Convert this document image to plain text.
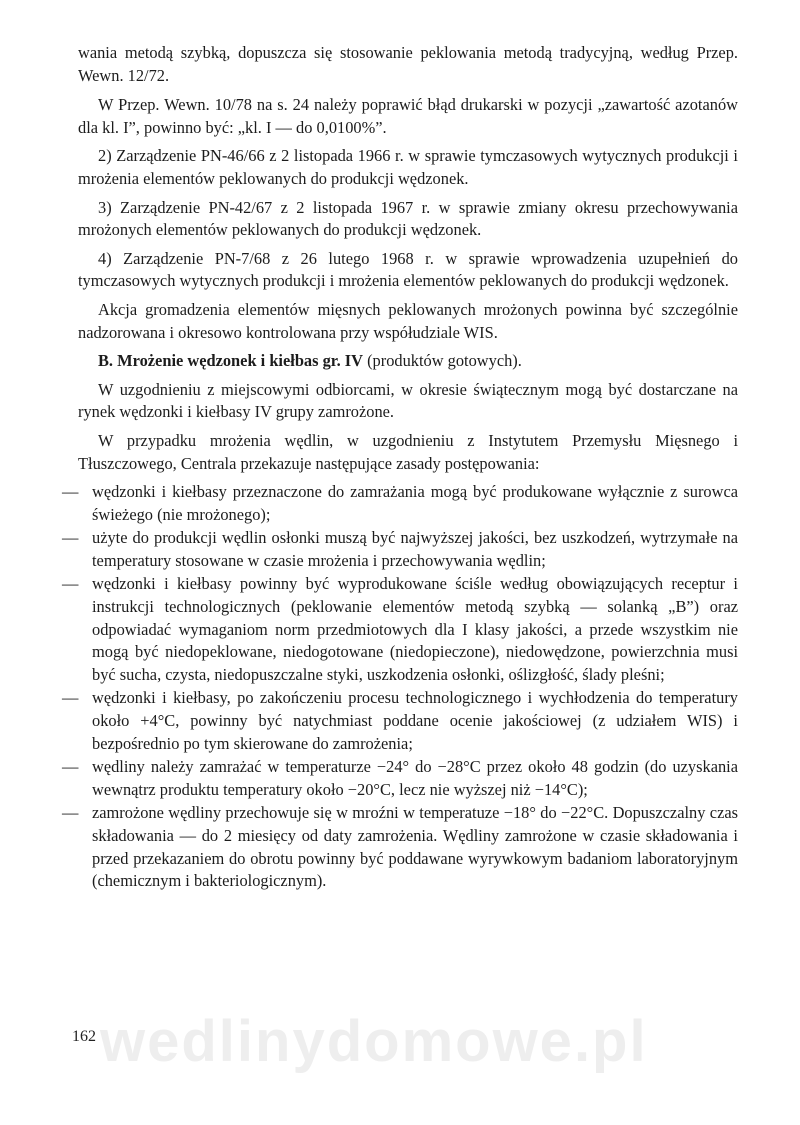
wania metodą szybką, dopuszcza się stosowanie peklowania metodą tradycyjną, według Przep. Wewn. 12/72.

W Przep. Wewn. 10/78 na s. 24 należy poprawić błąd drukarski w pozycji „zawartość azotanów dla kl. I”, powinno być: „kl. I — do 0,0100%”.

2) Zarządzenie PN-46/66 z 2 listopada 1966 r. w sprawie tymczasowych wytycznych produkcji i mrożenia elementów peklowanych do produkcji wędzonek.

3) Zarządzenie PN-42/67 z 2 listopada 1967 r. w sprawie zmiany okresu przechowywania mrożonych elementów peklowanych do produkcji wędzonek.

4) Zarządzenie PN-7/68 z 26 lutego 1968 r. w sprawie wprowadzenia uzupełnień do tymczasowych wytycznych produkcji i mrożenia elementów peklowanych do produkcji wędzonek.

Akcja gromadzenia elementów mięsnych peklowanych mrożonych powinna być szczególnie nadzorowana i okresowo kontrolowana przy współudziale WIS.

B. Mrożenie wędzonek i kiełbas gr. IV (produktów gotowych).

W uzgodnieniu z miejscowymi odbiorcami, w okresie świątecznym mogą być dostarczane na rynek wędzonki i kiełbasy IV grupy zamrożone.

W przypadku mrożenia wędlin, w uzgodnieniu z Instytutem Przemysłu Mięsnego i Tłuszczowego, Centrala przekazuje następujące zasady postępowania:

— wędzonki i kiełbasy przeznaczone do zamrażania mogą być produkowane wyłącznie z surowca świeżego (nie mrożonego);
— użyte do produkcji wędlin osłonki muszą być najwyższej jakości, bez uszkodzeń, wytrzymałe na temperatury stosowane w czasie mrożenia i przechowywania wędlin;
— wędzonki i kiełbasy powinny być wyprodukowane ściśle według obowiązujących receptur i instrukcji technologicznych (peklowanie elementów metodą szybką — solanką „B”) oraz odpowiadać wymaganiom norm przedmiotowych dla I klasy jakości, a przede wszystkim nie mogą być niedopeklowane, niedogotowane (niedopieczone), niedowędzone, powierzchnia musi być sucha, czysta, niedopuszczalne styki, uszkodzenia osłonki, oślizgłość, ślady pleśni;
— wędzonki i kiełbasy, po zakończeniu procesu technologicznego i wychłodzenia do temperatury około +4°C, powinny być natychmiast poddane ocenie jakościowej (z udziałem WIS) i bezpośrednio po tym skierowane do zamrożenia;
— wędliny należy zamrażać w temperaturze −24° do −28°C przez około 48 godzin (do uzyskania wewnątrz produktu temperatury około −20°C, lecz nie wyższej niż −14°C);
— zamrożone wędliny przechowuje się w mroźni w temperatuze −18° do −22°C. Dopuszczalny czas składowania — do 2 miesięcy od daty zamrożenia. Wędliny zamrożone w czasie składowania i przed przekazaniem do obrotu powinny być poddawane wyrywkowym badaniom laboratoryjnym (chemicznym i bakteriologicznym).
wedlinydomowe.pl
162
